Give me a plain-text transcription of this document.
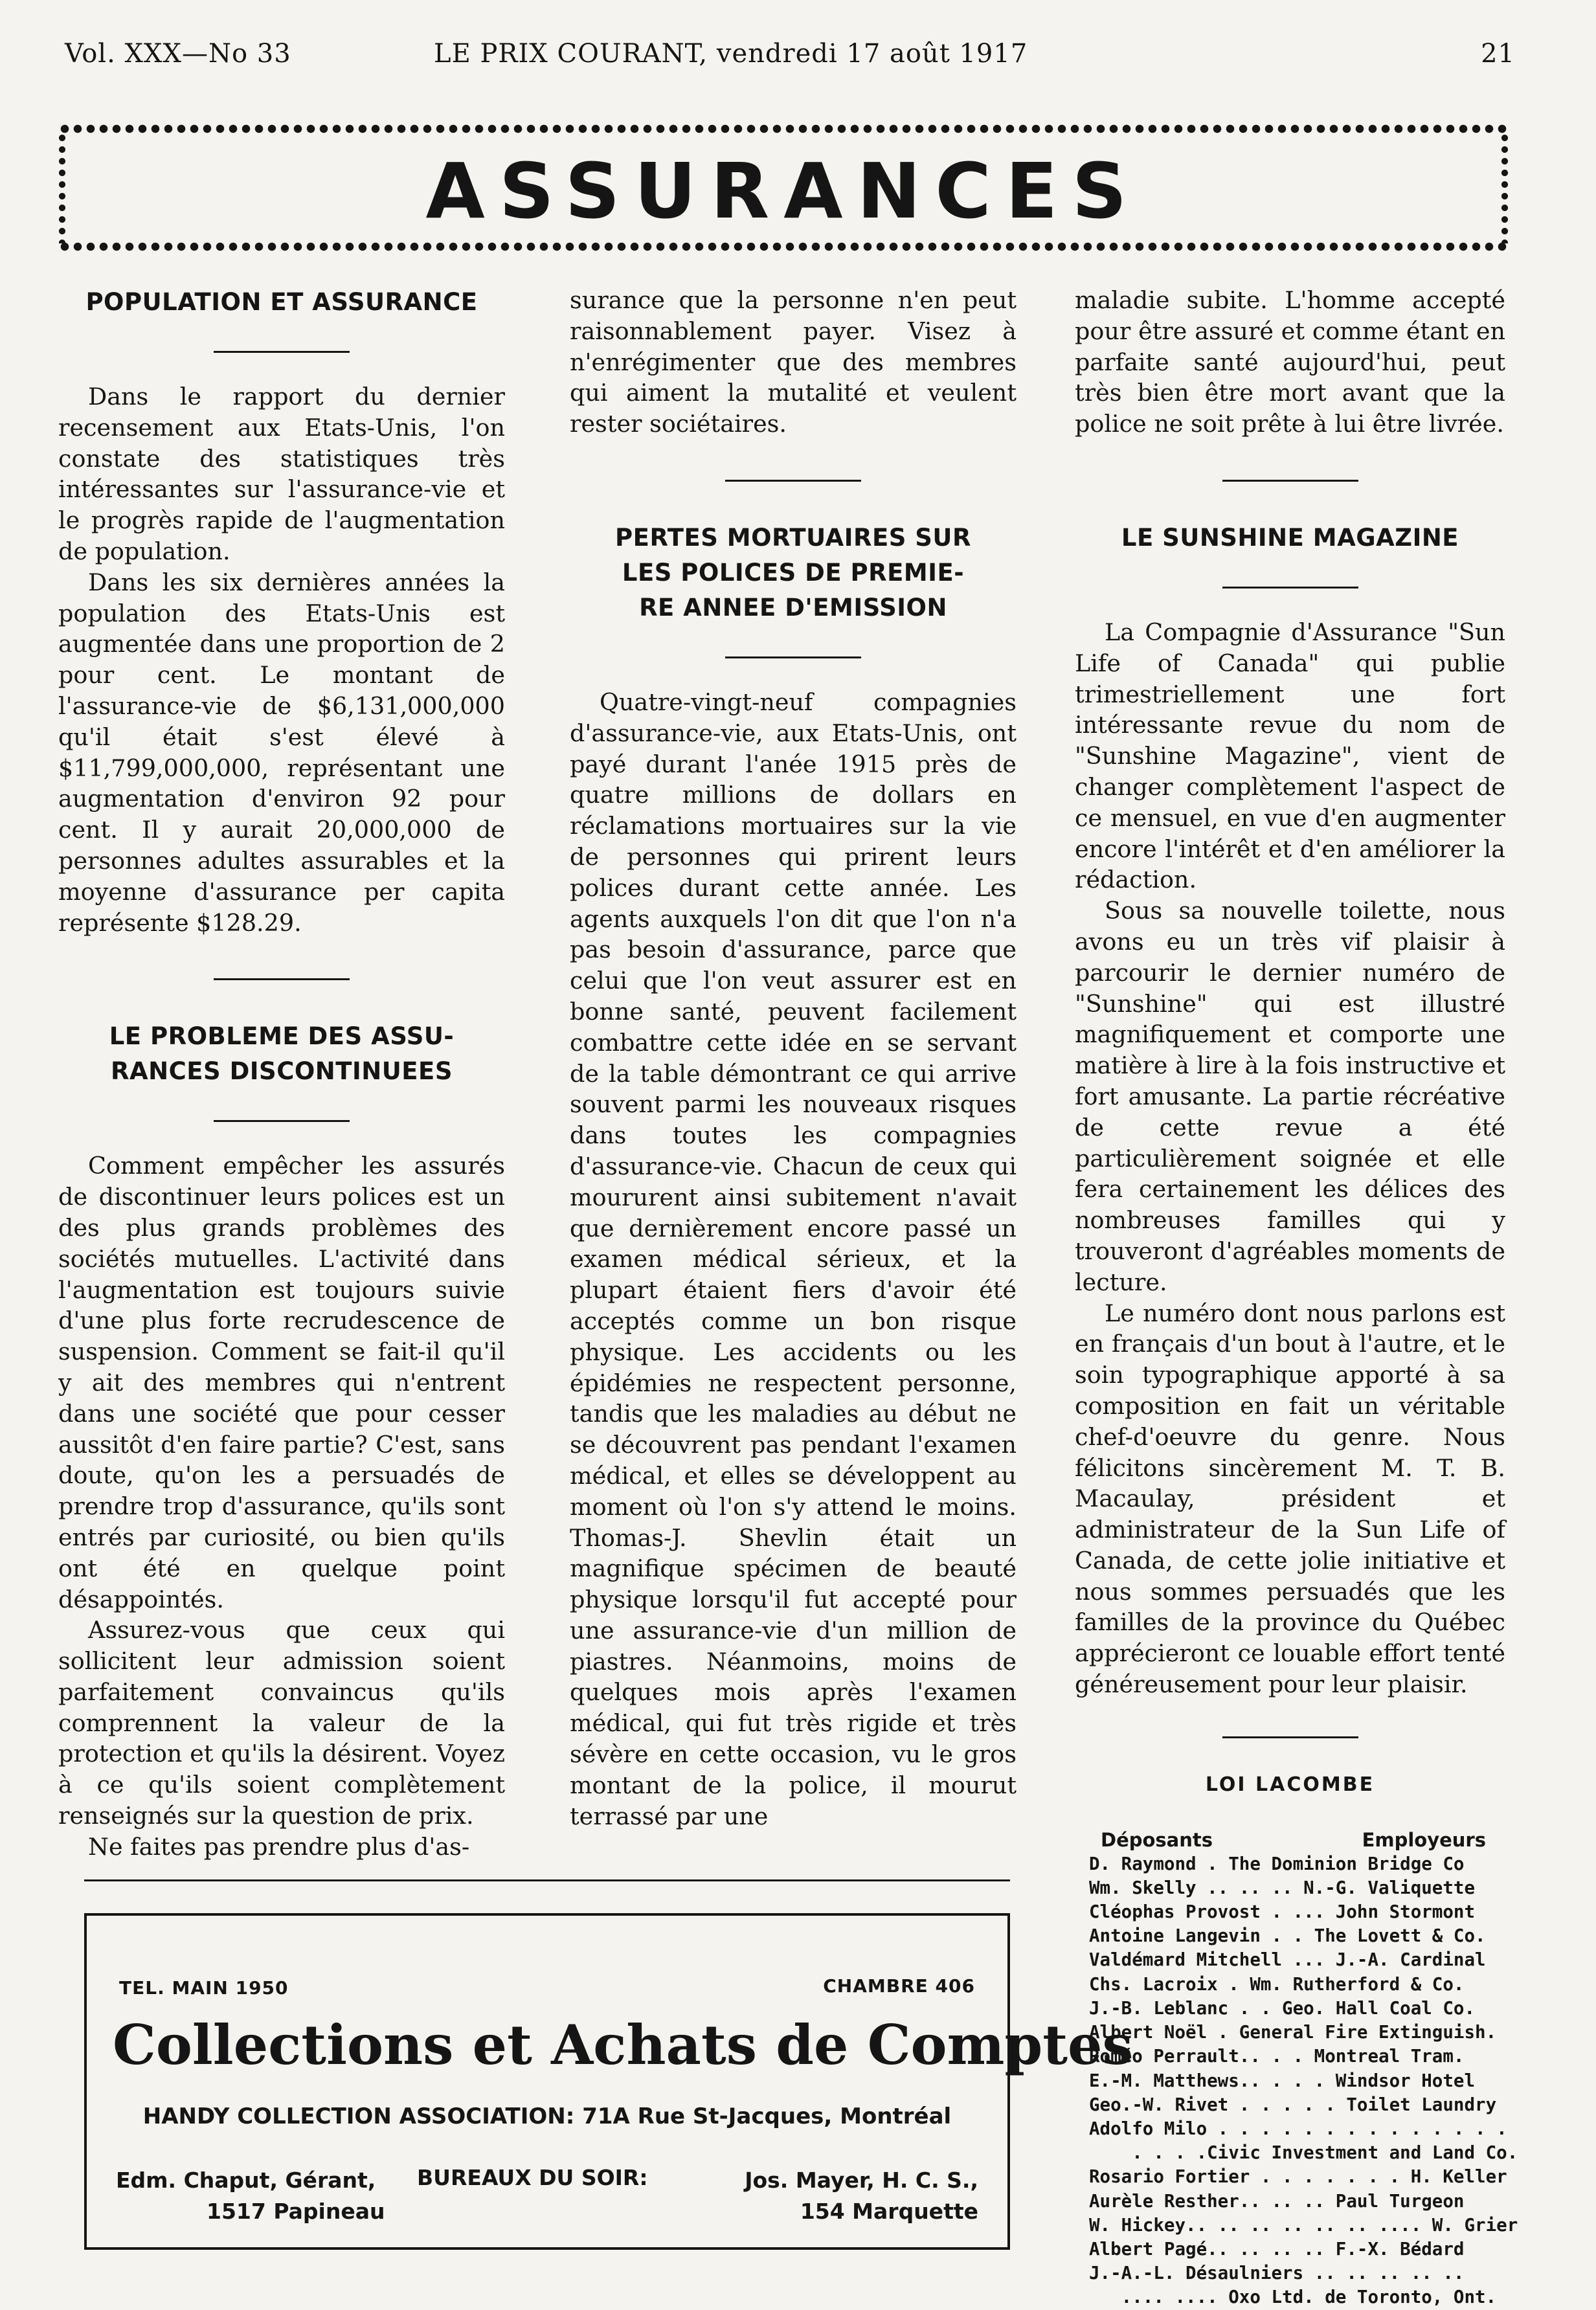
Vol. XXX—No 33	LE PRIX COURANT, vendredi 17 août 1917	21
ASSURANCES
POPULATION ET ASSURANCE

Dans le rapport du dernier recensement aux Etats-Unis, l'on constate des statistiques très intéressantes sur l'assurance-vie et le progrès rapide de l'augmentation de population.

Dans les six dernières années la population des Etats-Unis est augmentée dans une proportion de 2 pour cent. Le montant de l'assurance-vie de $6,131,000,000 qu'il était s'est élevé à $11,799,000,000, représentant une augmentation d'environ 92 pour cent. Il y aurait 20,000,000 de personnes adultes assurables et la moyenne d'assurance per capita représente $128.29.

LE PROBLEME DES ASSU-
RANCES DISCONTINUEES

Comment empêcher les assurés de discontinuer leurs polices est un des plus grands problèmes des sociétés mutuelles. L'activité dans l'augmentation est toujours suivie d'une plus forte recrudescence de suspension. Comment se fait-il qu'il y ait des membres qui n'entrent dans une société que pour cesser aussitôt d'en faire partie? C'est, sans doute, qu'on les a persuadés de prendre trop d'assurance, qu'ils sont entrés par curiosité, ou bien qu'ils ont été en quelque point désappointés.

Assurez-vous que ceux qui sollicitent leur admission soient parfaitement convaincus qu'ils comprennent la valeur de la protection et qu'ils la désirent. Voyez à ce qu'ils soient complètement renseignés sur la question de prix.

Ne faites pas prendre plus d'as-

surance que la personne n'en peut raisonnablement payer. Visez à n'enrégimenter que des membres qui aiment la mutalité et veulent rester sociétaires.

PERTES MORTUAIRES SUR
LES POLICES DE PREMIE-
RE ANNEE D'EMISSION

Quatre-vingt-neuf compagnies d'assurance-vie, aux Etats-Unis, ont payé durant l'anée 1915 près de quatre millions de dollars en réclamations mortuaires sur la vie de personnes qui prirent leurs polices durant cette année. Les agents auxquels l'on dit que l'on n'a pas besoin d'assurance, parce que celui que l'on veut assurer est en bonne santé, peuvent facilement combattre cette idée en se servant de la table démontrant ce qui arrive souvent parmi les nouveaux risques dans toutes les compagnies d'assurance-vie. Chacun de ceux qui moururent ainsi subitement n'avait que dernièrement encore passé un examen médical sérieux, et la plupart étaient fiers d'avoir été acceptés comme un bon risque physique. Les accidents ou les épidémies ne respectent personne, tandis que les maladies au début ne se découvrent pas pendant l'examen médical, et elles se développent au moment où l'on s'y attend le moins. Thomas-J. Shevlin était un magnifique spécimen de beauté physique lorsqu'il fut accepté pour une assurance-vie d'un million de piastres. Néanmoins, moins de quelques mois après l'examen médical, qui fut très rigide et très sévère en cette occasion, vu le gros montant de la police, il mourut terrassé par une

maladie subite. L'homme accepté pour être assuré et comme étant en parfaite santé aujourd'hui, peut très bien être mort avant que la police ne soit prête à lui être livrée.

LE SUNSHINE MAGAZINE

La Compagnie d'Assurance "Sun Life of Canada" qui publie trimestriellement une fort intéressante revue du nom de "Sunshine Magazine", vient de changer complètement l'aspect de ce mensuel, en vue d'en augmenter encore l'intérêt et d'en améliorer la rédaction.

Sous sa nouvelle toilette, nous avons eu un très vif plaisir à parcourir le dernier numéro de "Sunshine" qui est illustré magnifiquement et comporte une matière à lire à la fois instructive et fort amusante. La partie récréative de cette revue a été particulièrement soignée et elle fera certainement les délices des nombreuses familles qui y trouveront d'agréables moments de lecture.

Le numéro dont nous parlons est en français d'un bout à l'autre, et le soin typographique apporté à sa composition en fait un véritable chef-d'oeuvre du genre. Nous félicitons sincèrement M. T. B. Macaulay, président et administrateur de la Sun Life of Canada, de cette jolie initiative et nous sommes persuadés que les familles de la province du Québec apprécieront ce louable effort tenté généreusement pour leur plaisir.

LOI LACOMBE
Déposants	Employeurs
D. Raymond . The Dominion Bridge Co
Wm. Skelly .. .. .. N.-G. Valiquette
Cléophas Provost . ... John Stormont
Antoine Langevin . . The Lovett & Co.
Valdémard Mitchell ... J.-A. Cardinal
Chs. Lacroix . Wm. Rutherford & Co.
J.-B. Leblanc . . Geo. Hall Coal Co.
Albert Noël . General Fire Extinguish.
Roméo Perrault.. . . Montreal Tram.
E.-M. Matthews.. . . . Windsor Hotel
Geo.-W. Rivet . . . . . Toilet Laundry
Adolfo Milo . . . . . . . . . . . . . .
. . . .Civic Investment and Land Co.
Rosario Fortier . . . . . . . H. Keller
Aurèle Resther.. .. .. Paul Turgeon
W. Hickey.. .. .. .. .. .. .... W. Grier
Albert Pagé.. .. .. .. F.-X. Bédard
J.-A.-L. Désaulniers .. .. .. .. ..
.... .... Oxo Ltd. de Toronto, Ont.
TEL. MAIN 1950	CHAMBRE 406
Collections et Achats de Comptes
HANDY COLLECTION ASSOCIATION: 71A Rue St-Jacques, Montréal
Edm. Chaput, Gérant,
1517 Papineau
BUREAUX DU SOIR:	Jos. Mayer, H. C. S.,
154 Marquette
